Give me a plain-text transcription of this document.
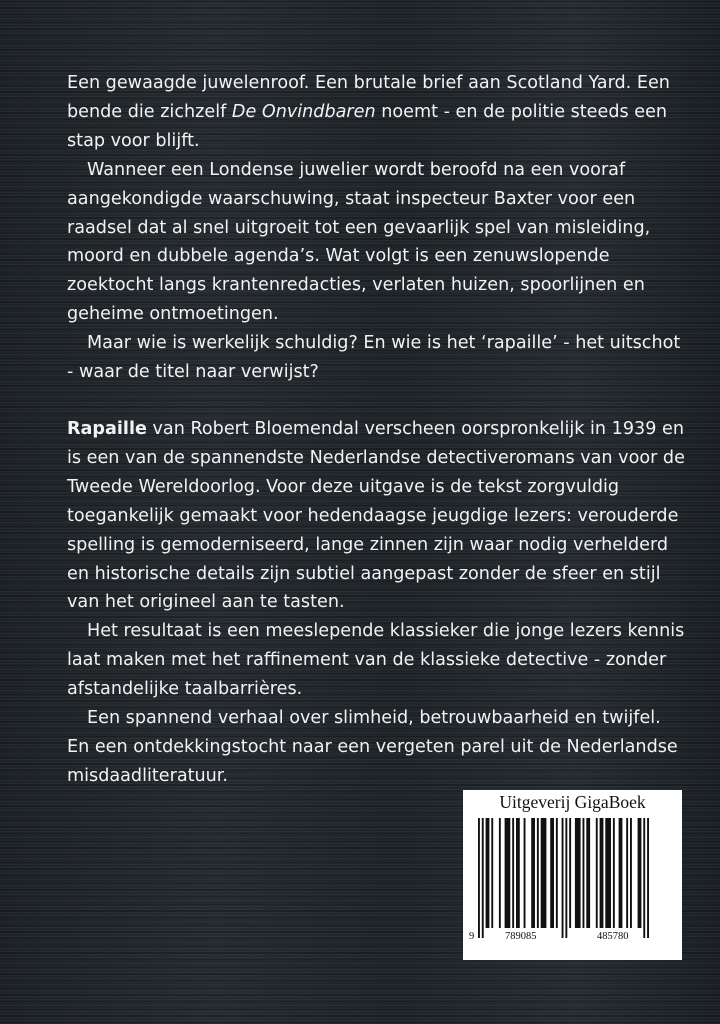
Een gewaagde juwelenroof. Een brutale brief aan Scotland Yard. Een bende die zichzelf De Onvindbaren noemt - en de politie steeds een stap voor blijft.

Wanneer een Londense juwelier wordt beroofd na een vooraf aangekondigde waarschuwing, staat inspecteur Baxter voor een raadsel dat al snel uitgroeit tot een gevaarlijk spel van misleiding, moord en dubbele agenda’s. Wat volgt is een zenuwslopende zoektocht langs krantenredacties, verlaten huizen, spoorlijnen en geheime ontmoetingen.

Maar wie is werkelijk schuldig? En wie is het ‘rapaille’ - het uitschot - waar de titel naar verwijst?

Rapaille van Robert Bloemendal verscheen oorspronkelijk in 1939 en is een van de spannendste Nederlandse detectiveromans van voor de Tweede Wereldoorlog. Voor deze uitgave is de tekst zorgvuldig toegankelijk gemaakt voor hedendaagse jeugdige lezers: verouderde spelling is gemoderniseerd, lange zinnen zijn waar nodig verhelderd en historische details zijn subtiel aangepast zonder de sfeer en stijl van het origineel aan te tasten.

Het resultaat is een meeslepende klassieker die jonge lezers kennis laat maken met het raffinement van de klassieke detective - zonder afstandelijke taalbarrières.

Een spannend verhaal over slimheid, betrouwbaarheid en twijfel. En een ontdekkingstocht naar een vergeten parel uit de Nederlandse misdaadliteratuur.

Uitgeverij GigaBoek
9	789085	485780
